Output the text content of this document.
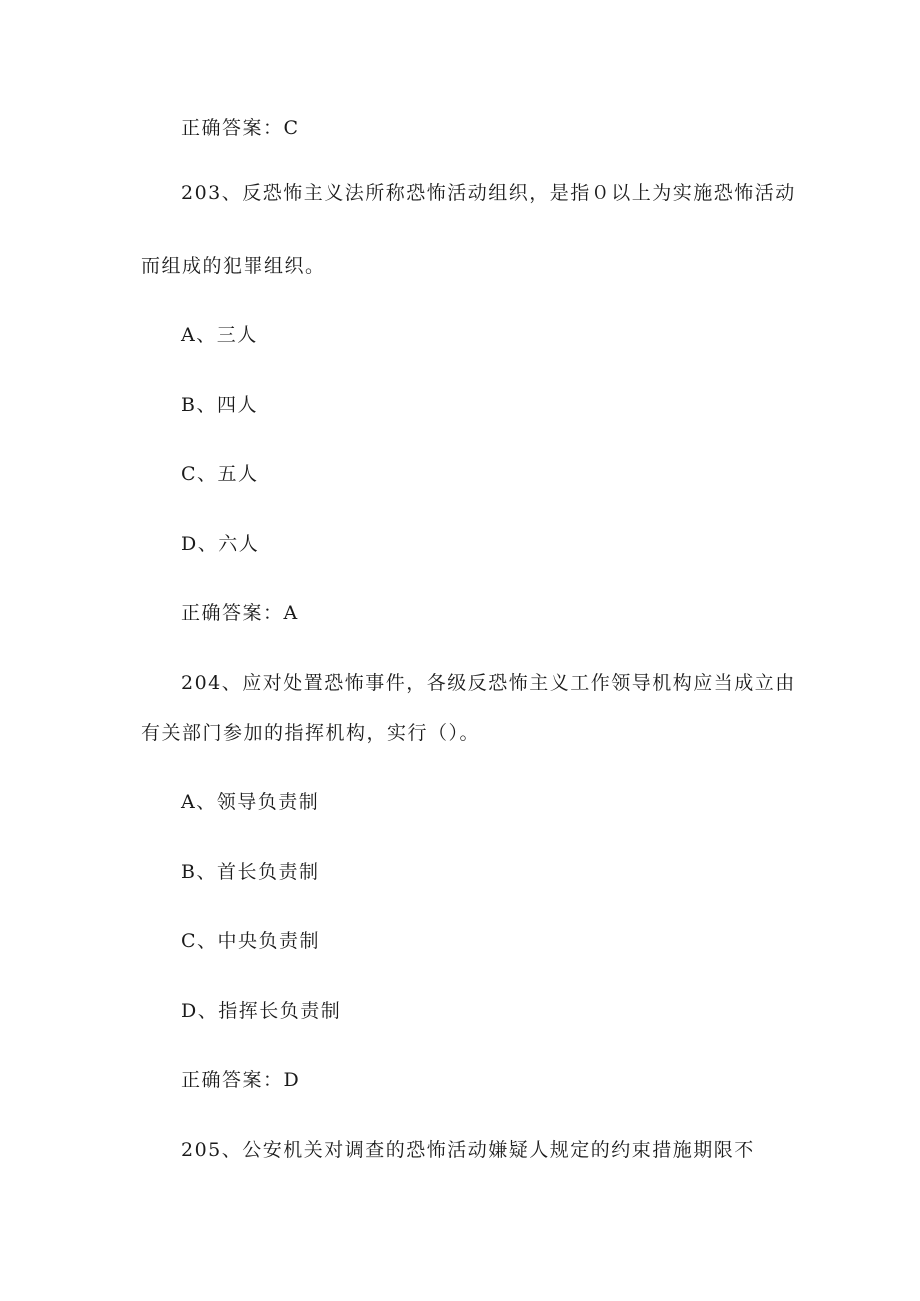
正确答案：C
203、反恐怖主义法所称恐怖活动组织，是指０以上为实施恐怖活动
而组成的犯罪组织。
A、三人
B、四人
C、五人
D、六人
正确答案：A
204、应对处置恐怖事件，各级反恐怖主义工作领导机构应当成立由
有关部门参加的指挥机构，实行（）。
A、领导负责制
B、首长负责制
C、中央负责制
D、指挥长负责制
正确答案：D
205、公安机关对调查的恐怖活动嫌疑人规定的约束措施期限不
